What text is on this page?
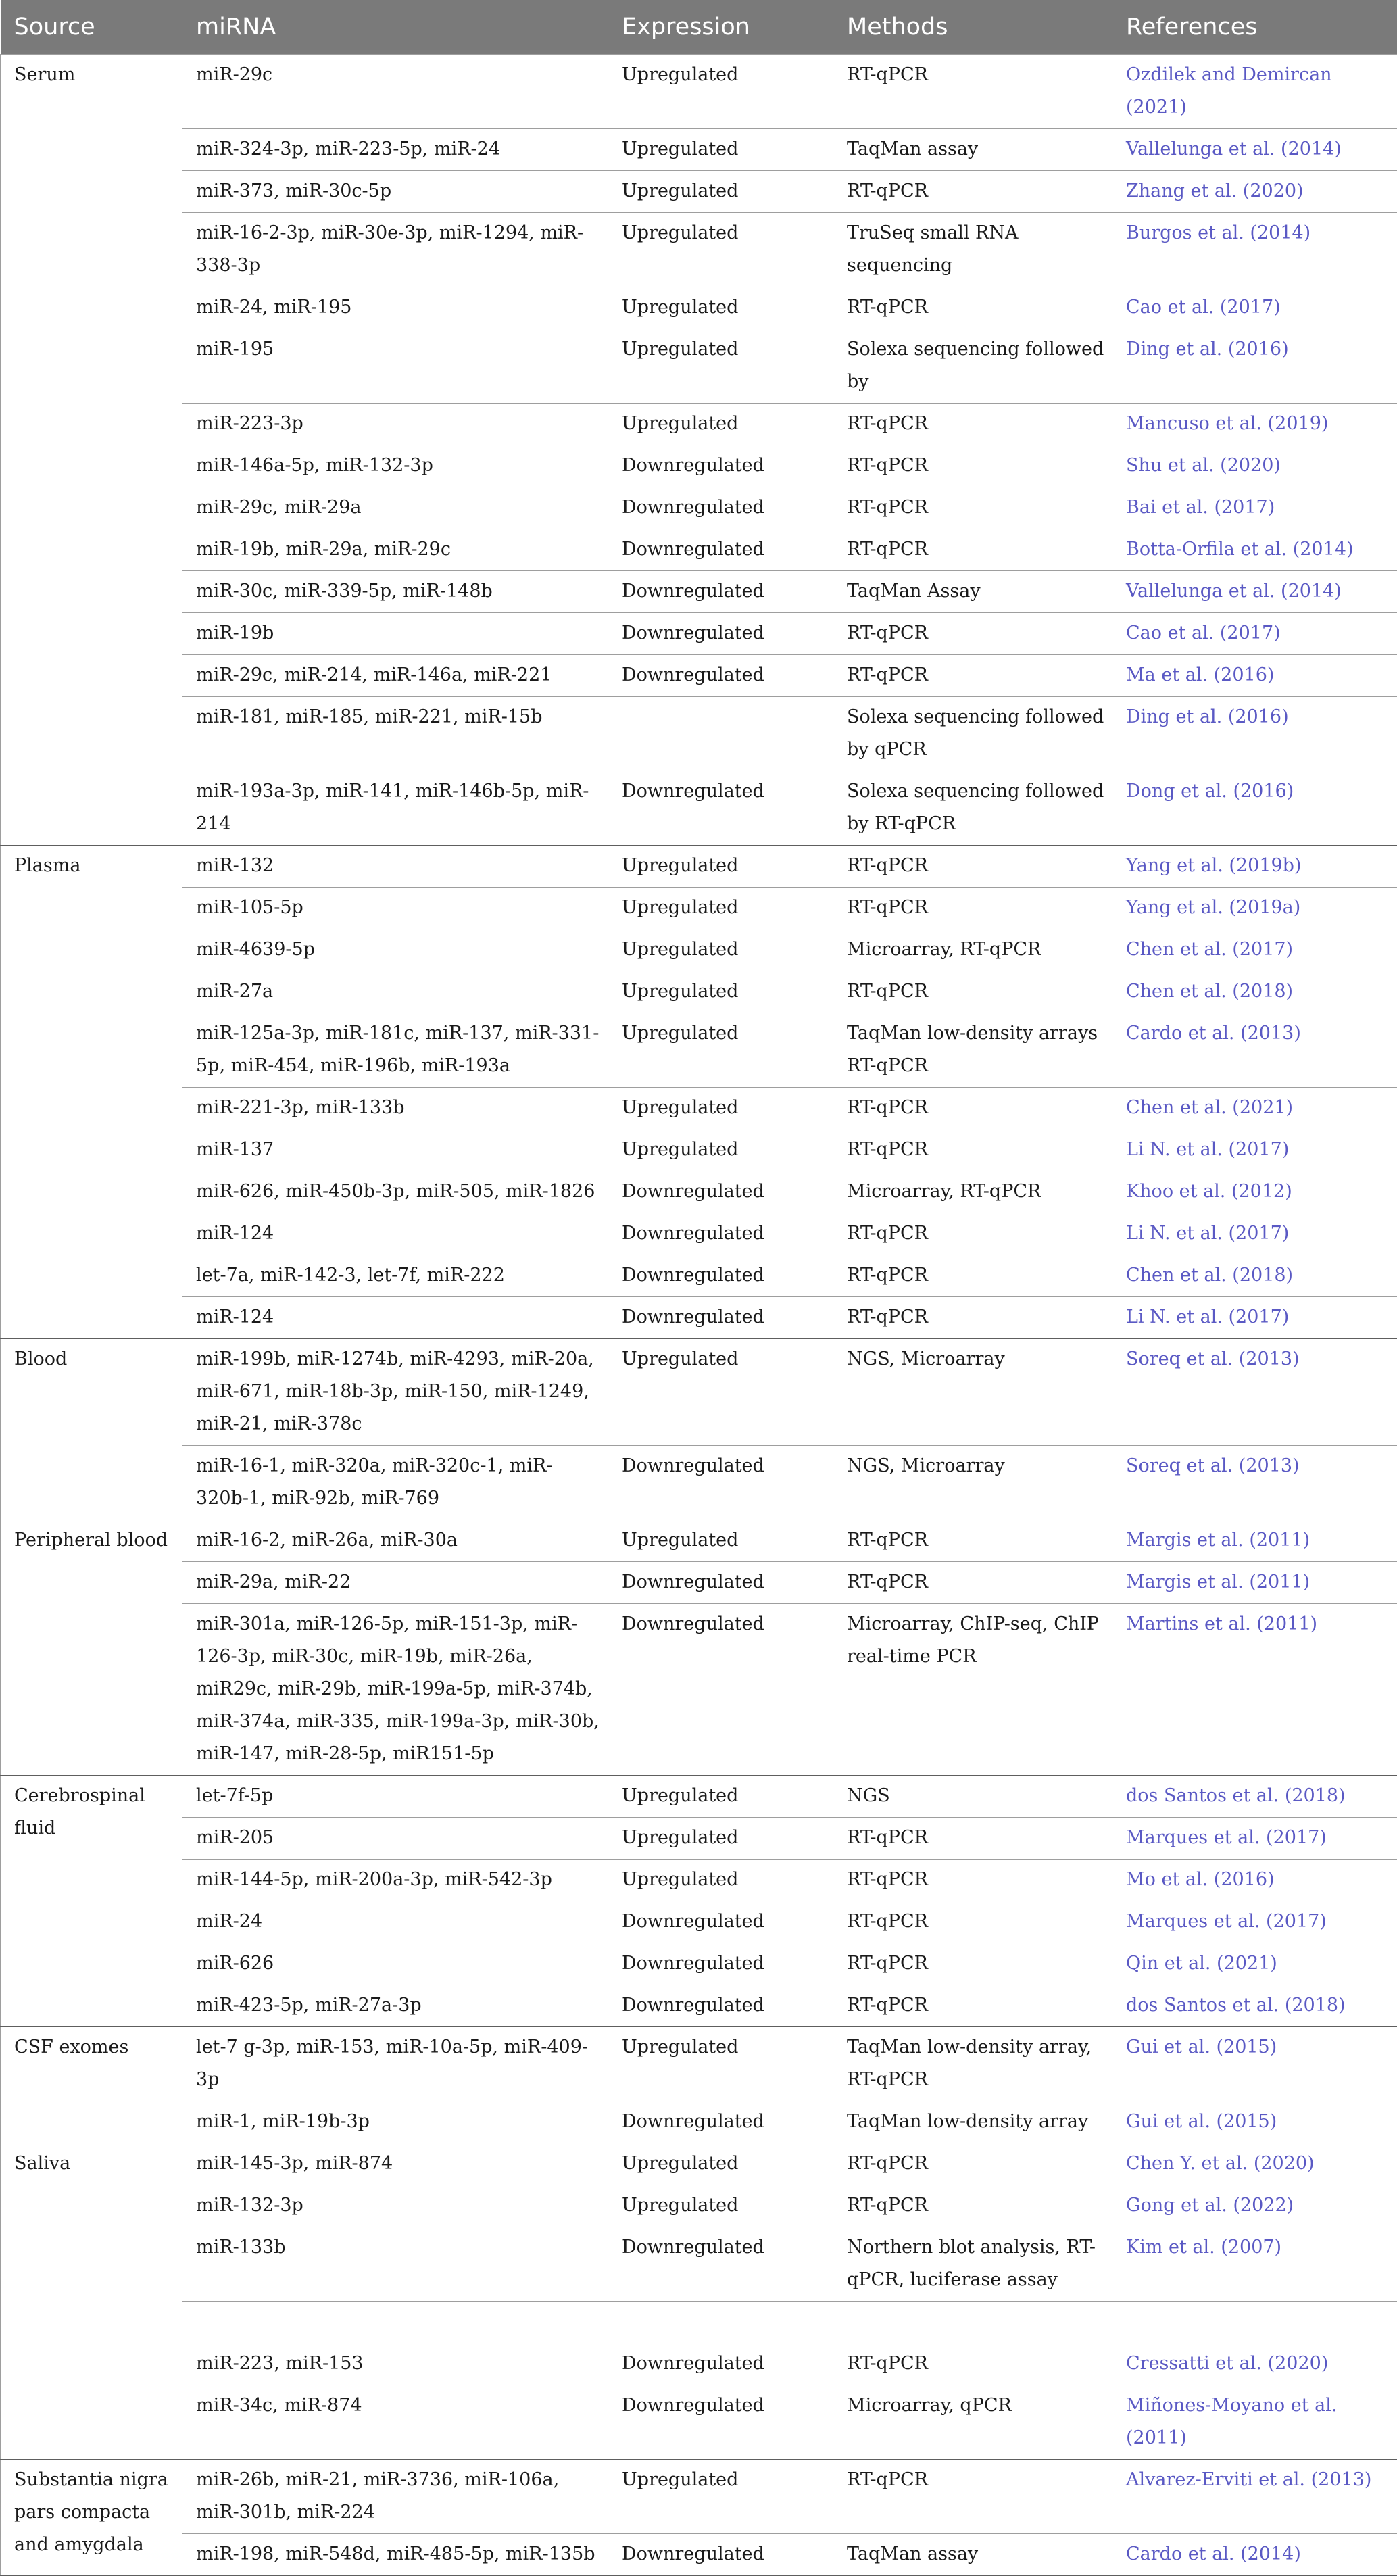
Source	miRNA	Expression	Methods	References
Serum	miR-29c	Upregulated	RT-qPCR	Ozdilek and Demircan (2021)
	miR-324-3p, miR-223-5p, miR-24	Upregulated	TaqMan assay	Vallelunga et al. (2014)
	miR-373, miR-30c-5p	Upregulated	RT-qPCR	Zhang et al. (2020)
	miR-16-2-3p, miR-30e-3p, miR-1294, miR-338-3p	Upregulated	TruSeq small RNA sequencing	Burgos et al. (2014)
	miR-24, miR-195	Upregulated	RT-qPCR	Cao et al. (2017)
	miR-195	Upregulated	Solexa sequencing followed by	Ding et al. (2016)
	miR-223-3p	Upregulated	RT-qPCR	Mancuso et al. (2019)
	miR-146a-5p, miR-132-3p	Downregulated	RT-qPCR	Shu et al. (2020)
	miR-29c, miR-29a	Downregulated	RT-qPCR	Bai et al. (2017)
	miR-19b, miR-29a, miR-29c	Downregulated	RT-qPCR	Botta-Orfila et al. (2014)
	miR-30c, miR-339-5p, miR-148b	Downregulated	TaqMan Assay	Vallelunga et al. (2014)
	miR-19b	Downregulated	RT-qPCR	Cao et al. (2017)
	miR-29c, miR-214, miR-146a, miR-221	Downregulated	RT-qPCR	Ma et al. (2016)
	miR-181, miR-185, miR-221, miR-15b		Solexa sequencing followed by qPCR	Ding et al. (2016)
	miR-193a-3p, miR-141, miR-146b-5p, miR-214	Downregulated	Solexa sequencing followed by RT-qPCR	Dong et al. (2016)
Plasma	miR-132	Upregulated	RT-qPCR	Yang et al. (2019b)
	miR-105-5p	Upregulated	RT-qPCR	Yang et al. (2019a)
	miR-4639-5p	Upregulated	Microarray, RT-qPCR	Chen et al. (2017)
	miR-27a	Upregulated	RT-qPCR	Chen et al. (2018)
	miR-125a-3p, miR-181c, miR-137, miR-331-5p, miR-454, miR-196b, miR-193a	Upregulated	TaqMan low-density arrays RT-qPCR	Cardo et al. (2013)
	miR-221-3p, miR-133b	Upregulated	RT-qPCR	Chen et al. (2021)
	miR-137	Upregulated	RT-qPCR	Li N. et al. (2017)
	miR-626, miR-450b-3p, miR-505, miR-1826	Downregulated	Microarray, RT-qPCR	Khoo et al. (2012)
	miR-124	Downregulated	RT-qPCR	Li N. et al. (2017)
	let-7a, miR-142-3, let-7f, miR-222	Downregulated	RT-qPCR	Chen et al. (2018)
	miR-124	Downregulated	RT-qPCR	Li N. et al. (2017)
Blood	miR-199b, miR-1274b, miR-4293, miR-20a, miR-671, miR-18b-3p, miR-150, miR-1249, miR-21, miR-378c	Upregulated	NGS, Microarray	Soreq et al. (2013)
	miR-16-1, miR-320a, miR-320c-1, miR-320b-1, miR-92b, miR-769	Downregulated	NGS, Microarray	Soreq et al. (2013)
Peripheral blood	miR-16-2, miR-26a, miR-30a	Upregulated	RT-qPCR	Margis et al. (2011)
	miR-29a, miR-22	Downregulated	RT-qPCR	Margis et al. (2011)
	miR-301a, miR-126-5p, miR-151-3p, miR-126-3p, miR-30c, miR-19b, miR-26a, miR29c, miR-29b, miR-199a-5p, miR-374b, miR-374a, miR-335, miR-199a-3p, miR-30b, miR-147, miR-28-5p, miR151-5p	Downregulated	Microarray, ChIP-seq, ChIP real-time PCR	Martins et al. (2011)
Cerebrospinal fluid	let-7f-5p	Upregulated	NGS	dos Santos et al. (2018)
	miR-205	Upregulated	RT-qPCR	Marques et al. (2017)
	miR-144-5p, miR-200a-3p, miR-542-3p	Upregulated	RT-qPCR	Mo et al. (2016)
	miR-24	Downregulated	RT-qPCR	Marques et al. (2017)
	miR-626	Downregulated	RT-qPCR	Qin et al. (2021)
	miR-423-5p, miR-27a-3p	Downregulated	RT-qPCR	dos Santos et al. (2018)
CSF exomes	let-7 g-3p, miR-153, miR-10a-5p, miR-409-3p	Upregulated	TaqMan low-density array, RT-qPCR	Gui et al. (2015)
	miR-1, miR-19b-3p	Downregulated	TaqMan low-density array	Gui et al. (2015)
Saliva	miR-145-3p, miR-874	Upregulated	RT-qPCR	Chen Y. et al. (2020)
	miR-132-3p	Upregulated	RT-qPCR	Gong et al. (2022)
	miR-133b	Downregulated	Northern blot analysis, RT-qPCR, luciferase assay	Kim et al. (2007)

	miR-223, miR-153	Downregulated	RT-qPCR	Cressatti et al. (2020)
	miR-34c, miR-874	Downregulated	Microarray, qPCR	Miñones-Moyano et al. (2011)
Substantia nigra pars compacta and amygdala	miR-26b, miR-21, miR-3736, miR-106a, miR-301b, miR-224	Upregulated	RT-qPCR	Alvarez-Erviti et al. (2013)
	miR-198, miR-548d, miR-485-5p, miR-135b	Downregulated	TaqMan assay	Cardo et al. (2014)
